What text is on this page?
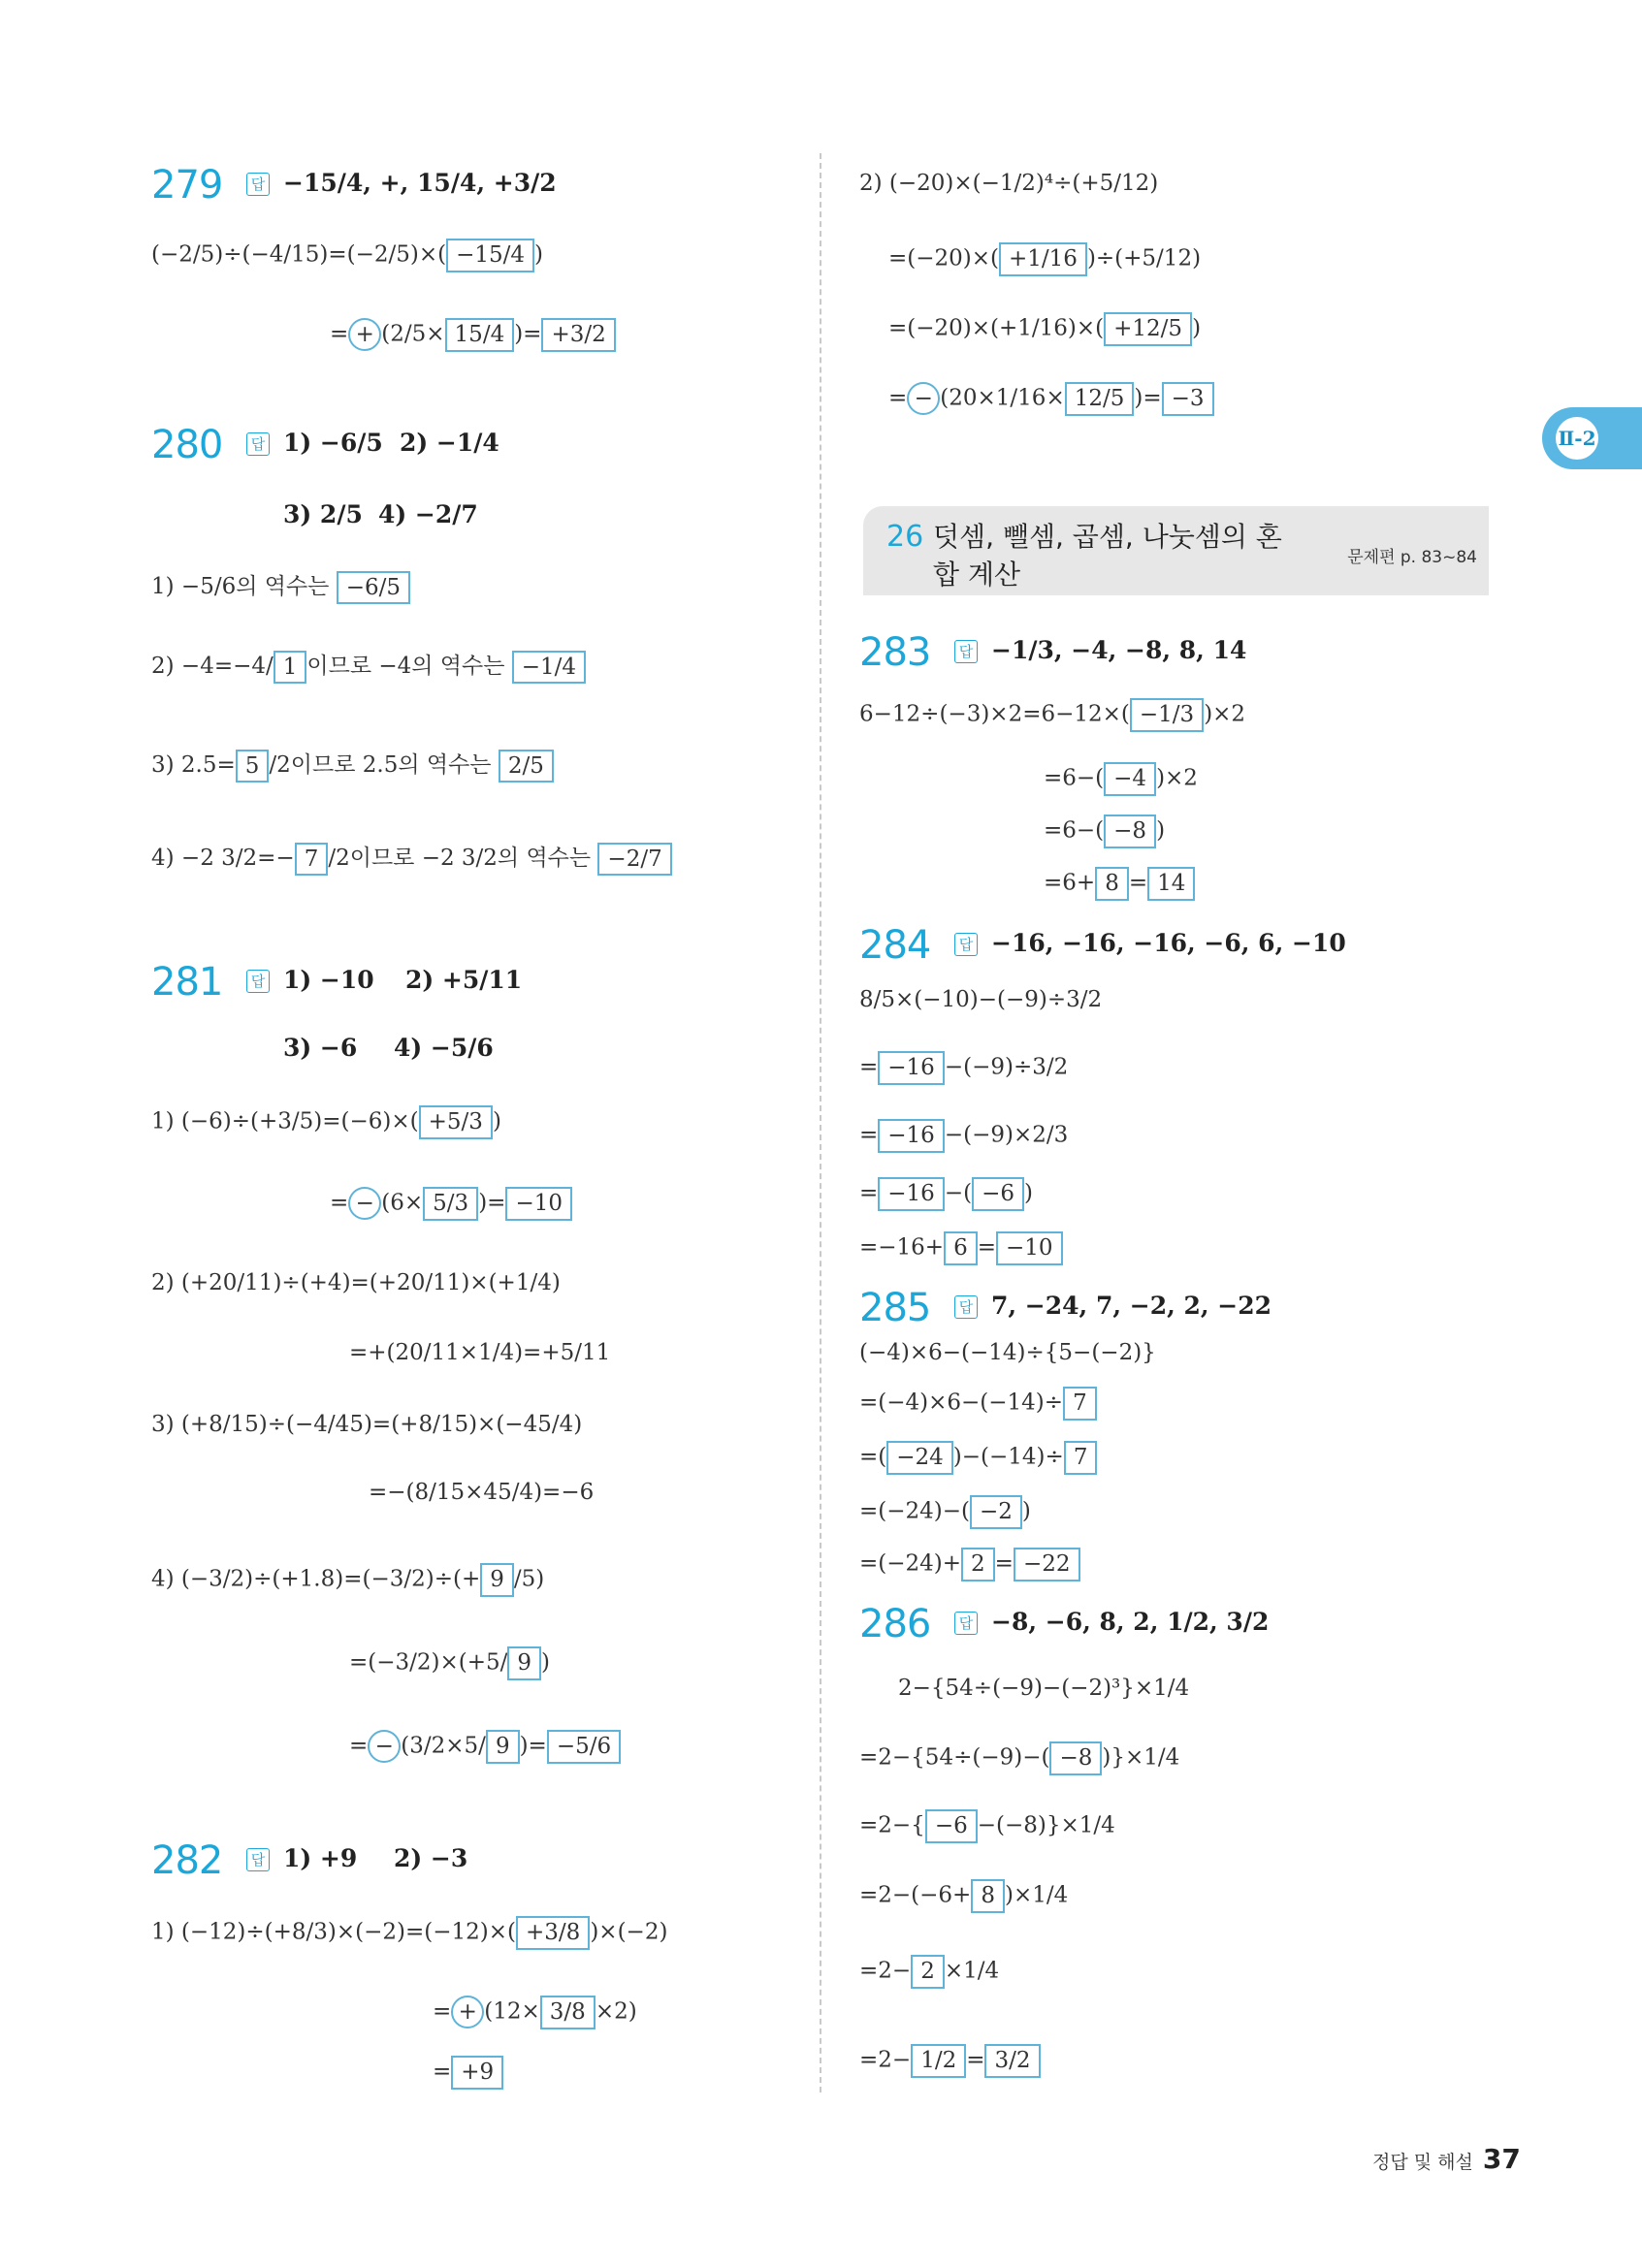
Ⅱ-2
279	답 −15/4, +, 15/4, +3/2
(−2/5)÷(−4/15)=(−2/5)×( −15/4 )
= + (2/5× 15/4 )= +3/2
280	답 1) −6/5 2) −1/4
3) 2/5 4) −2/7
1) −5/6의 역수는 −6/5
2) −4=−4/ 1 이므로 −4의 역수는 −1/4
3) 2.5= 5 /2이므로 2.5의 역수는 2/5
4) −2 3/2=− 7 /2이므로 −2 3/2의 역수는 −2/7
281	답 1) −10 2) +5/11
3) −6 4) −5/6
1) (−6)÷(+3/5)=(−6)×( +5/3 )
= − (6× 5/3 )= −10
2) (+20/11)÷(+4)=(+20/11)×(+1/4)
=+(20/11×1/4)=+5/11
3) (+8/15)÷(−4/45)=(+8/15)×(−45/4)
=−(8/15×45/4)=−6
4) (−3/2)÷(+1.8)=(−3/2)÷(+ 9 /5)
=(−3/2)×(+5/ 9 )
= − (3/2×5/ 9 )= −5/6
282	답 1) +9 2) −3
1) (−12)÷(+8/3)×(−2)=(−12)×( +3/8 )×(−2)
= + (12× 3/8 ×2)
= +9
2) (−20)×(−1/2)⁴÷(+5/12)
=(−20)×( +1/16 )÷(+5/12)
=(−20)×(+1/16)×( +12/5 )
= − (20×1/16× 12/5 )= −3
283	답 −1/3, −4, −8, 8, 14
6−12÷(−3)×2=6−12×( −1/3 )×2
=6−( −4 )×2
=6−( −8 )
=6+ 8 = 14
284	답 −16, −16, −16, −6, 6, −10
8/5×(−10)−(−9)÷3/2
= −16 −(−9)÷3/2
= −16 −(−9)×2/3
= −16 −( −6 )
=−16+ 6 = −10
285	답 7, −24, 7, −2, 2, −22
(−4)×6−(−14)÷{5−(−2)}
=(−4)×6−(−14)÷ 7
=( −24 )−(−14)÷ 7
=(−24)−( −2 )
=(−24)+ 2 = −22
286	답 −8, −6, 8, 2, 1/2, 3/2
2−{54÷(−9)−(−2)³}×1/4
=2−{54÷(−9)−( −8 )}×1/4
=2−{ −6 −(−8)}×1/4
=2−(−6+ 8 )×1/4
=2− 2 ×1/4
=2− 1/2 = 3/2
26 덧셈, 뺄셈, 곱셈, 나눗셈의 혼합 계산
문제편 p. 83~84
정답 및 해설 37
